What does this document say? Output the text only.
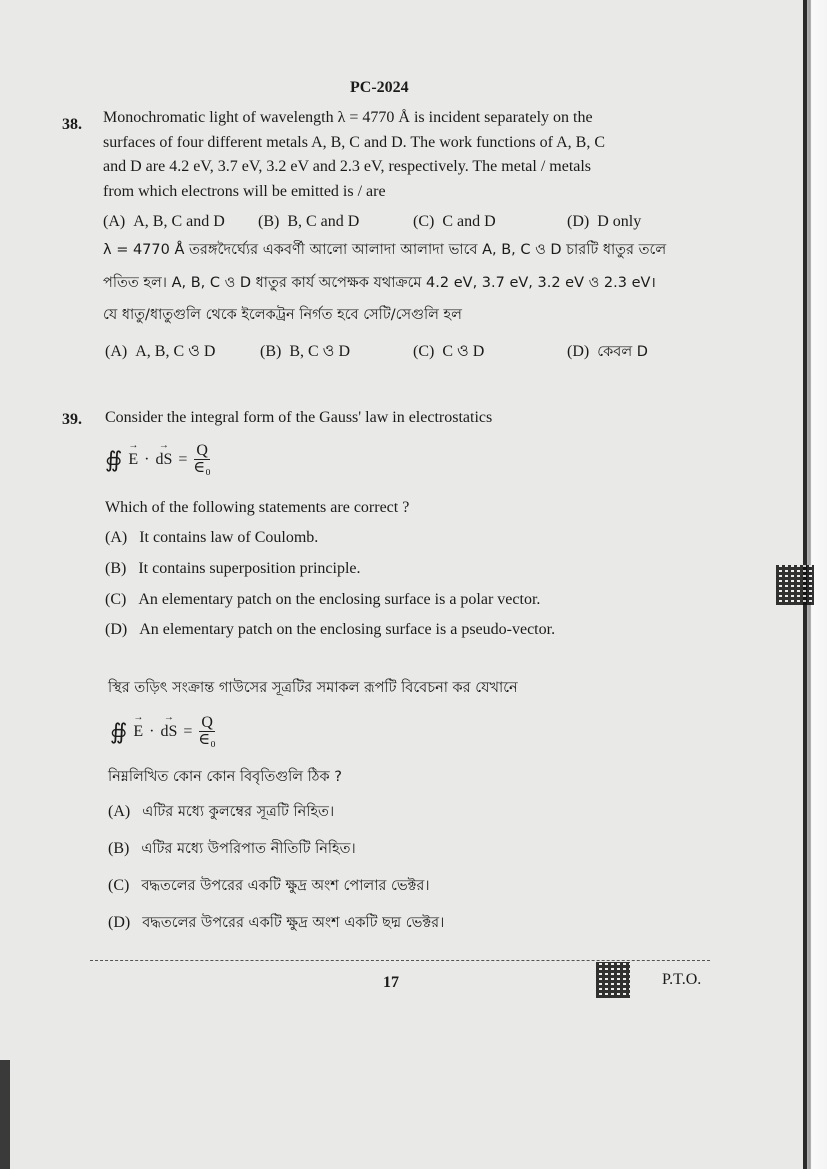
PC-2024
38. Monochromatic light of wavelength λ = 4770 Å is incident separately on the
surfaces of four different metals A, B, C and D. The work functions of A, B, C
and D are 4.2 eV, 3.7 eV, 3.2 eV and 2.3 eV, respectively. The metal / metals
from which electrons will be emitted is / are
(A) A, B, C and D (B) B, C and D	(C) C and D	(D) D only
λ = 4770 Å তরঙ্গদৈর্ঘ্যের একবর্ণী আলো আলাদা আলাদা ভাবে A, B, C ও D চারটি ধাতুর তলে
পতিত হল। A, B, C ও D ধাতুর কার্য অপেক্ষক যথাক্রমে 4.2 eV, 3.7 eV, 3.2 eV ও 2.3 eV।
যে ধাতু/ধাতুগুলি থেকে ইলেকট্রন নির্গত হবে সেটি/সেগুলি হল
(A) A, B, C ও D	(B) B, C ও D	(C) C ও D	(D) কেবল D
39. Consider the integral form of the Gauss' law in electrostatics
∯ → E · → dS = $\frac{Q}{\text{∈₀}}$
Which of the following statements are correct ?
(A) It contains law of Coulomb.
(B) It contains superposition principle.
(C) An elementary patch on the enclosing surface is a polar vector.
(D) An elementary patch on the enclosing surface is a pseudo-vector.
স্থির তড়িৎ সংক্রান্ত গাউসের সূত্রটির সমাকল রূপটি বিবেচনা কর যেখানে
∯ → E · → dS = $\frac{Q}{\text{∈₀}}$
নিম্নলিখিত কোন কোন বিবৃতিগুলি ঠিক ?
(A) এটির মধ্যে কুলম্বের সূত্রটি নিহিত।
(B) এটির মধ্যে উপরিপাত নীতিটি নিহিত।
(C) বদ্ধতলের উপরের একটি ক্ষুদ্র অংশ পোলার ভেক্টর।
(D) বদ্ধতলের উপরের একটি ক্ষুদ্র অংশ একটি ছদ্ম ভেক্টর।
17	P.T.O.
